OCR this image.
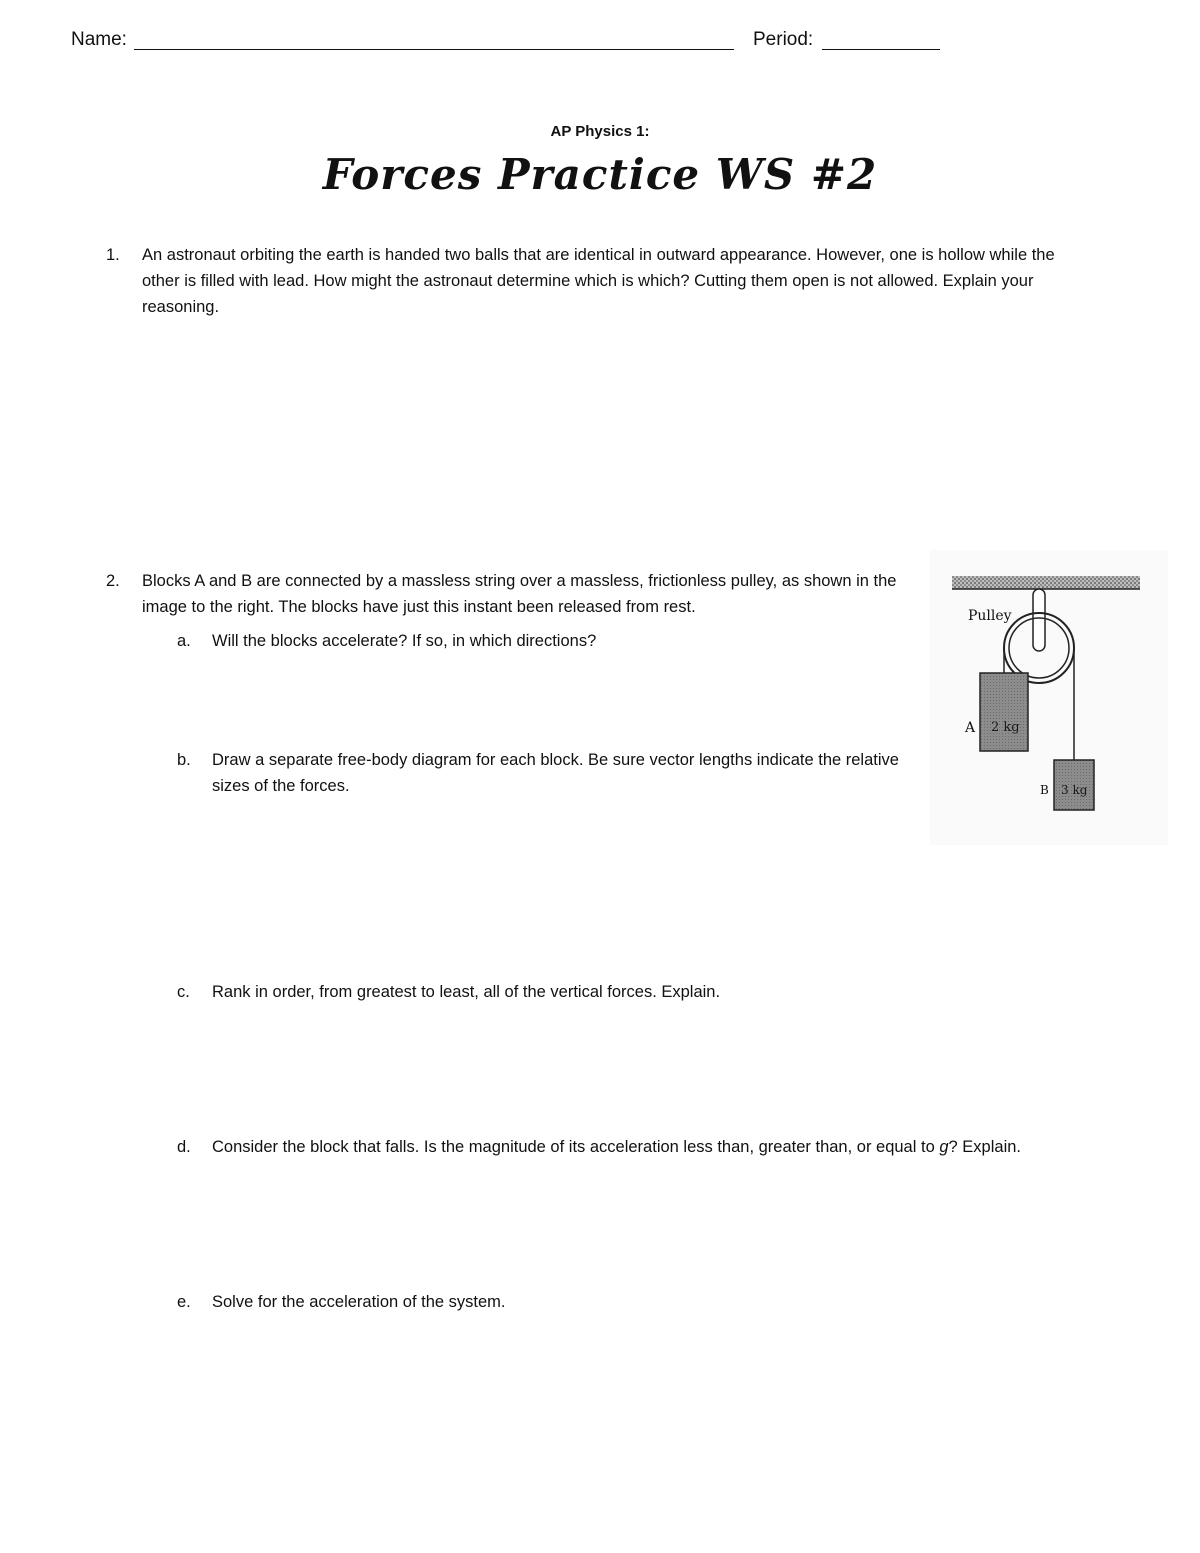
Name:	Period:
AP Physics 1:
Forces Practice WS #2
1. An astronaut orbiting the earth is handed two balls that are identical in outward appearance. However, one is hollow while the other is filled with lead. How might the astronaut determine which is which? Cutting them open is not allowed. Explain your reasoning.
2. Blocks A and B are connected by a massless string over a massless, frictionless pulley, as shown in the image to the right. The blocks have just this instant been released from rest.
a. Will the blocks accelerate? If so, in which directions?
b. Draw a separate free-body diagram for each block. Be sure vector lengths indicate the relative sizes of the forces.
c. Rank in order, from greatest to least, all of the vertical forces. Explain.
d. Consider the block that falls. Is the magnitude of its acceleration less than, greater than, or equal to g? Explain.
e. Solve for the acceleration of the system.
Pulley
A 2 kg
B 3 kg
